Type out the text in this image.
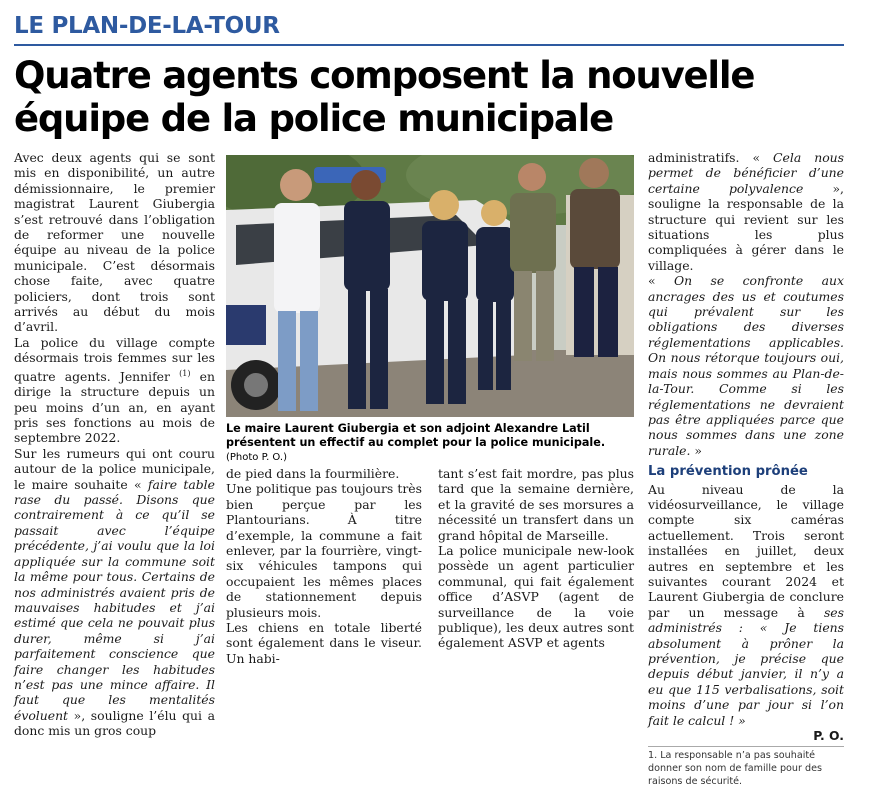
LE PLAN-DE-LA-TOUR
Quatre agents composent la nouvelle équipe de la police municipale

Avec deux agents qui se sont mis en disponibilité, un autre démissionnaire, le premier magistrat Laurent Giubergia s’est retrouvé dans l’obligation de reformer une nouvelle équipe au niveau de la police municipale. C’est désormais chose faite, avec quatre policiers, dont trois sont arrivés au début du mois d’avril.

La police du village compte désormais trois femmes sur les quatre agents. Jennifer $^{(1)}$ en dirige la structure depuis un peu moins d’un an, en ayant pris ses fonctions au mois de septembre 2022.

Sur les rumeurs qui ont couru autour de la police municipale, le maire souhaite « faire table rase du passé. Disons que contrairement à ce qu’il se passait avec l’équipe précédente, j’ai voulu que la loi appliquée sur la commune soit la même pour tous. Certains de nos administrés avaient pris de mauvaises habitudes et j’ai estimé que cela ne pouvait plus durer, même si j’ai parfaitement conscience que faire changer les habitudes n’est pas une mince affaire. Il faut que les mentalités évoluent », souligne l’élu qui a donc mis un gros coup

Le maire Laurent Giubergia et son adjoint Alexandre Latil présentent un effectif au complet pour la police municipale. (Photo P. O.)

de pied dans la fourmilière.

Une politique pas toujours très bien perçue par les Plantourians. À titre d’exemple, la commune a fait enlever, par la fourrière, vingt-six véhicules tampons qui occupaient les mêmes places de stationnement depuis plusieurs mois.

Les chiens en totale liberté sont également dans le viseur. Un habi-

tant s’est fait mordre, pas plus tard que la semaine dernière, et la gravité de ses morsures a nécessité un transfert dans un grand hôpital de Marseille.

La police municipale new-look possède un agent particulier communal, qui fait également office d’ASVP (agent de surveillance de la voie publique), les deux autres sont également ASVP et agents

administratifs. « Cela nous permet de bénéficier d’une certaine polyvalence », souligne la responsable de la structure qui revient sur les situations les plus compliquées à gérer dans le village.

« On se confronte aux ancrages des us et coutumes qui prévalent sur les obligations des diverses réglementations applicables. On nous rétorque toujours oui, mais nous sommes au Plan-de-la-Tour. Comme si les réglementations ne devraient pas être appliquées parce que nous sommes dans une zone rurale. »

La prévention prônée

Au niveau de la vidéosurveillance, le village compte six caméras actuellement. Trois seront installées en juillet, deux autres en septembre et les suivantes courant 2024 et Laurent Giubergia de conclure par un message à ses administrés : « Je tiens absolument à prôner la prévention, je précise que depuis début janvier, il n’y a eu que 115 verbalisations, soit moins d’une par jour si l’on fait le calcul ! »

P. O.

1. La responsable n’a pas souhaité donner son nom de famille pour des raisons de sécurité.
